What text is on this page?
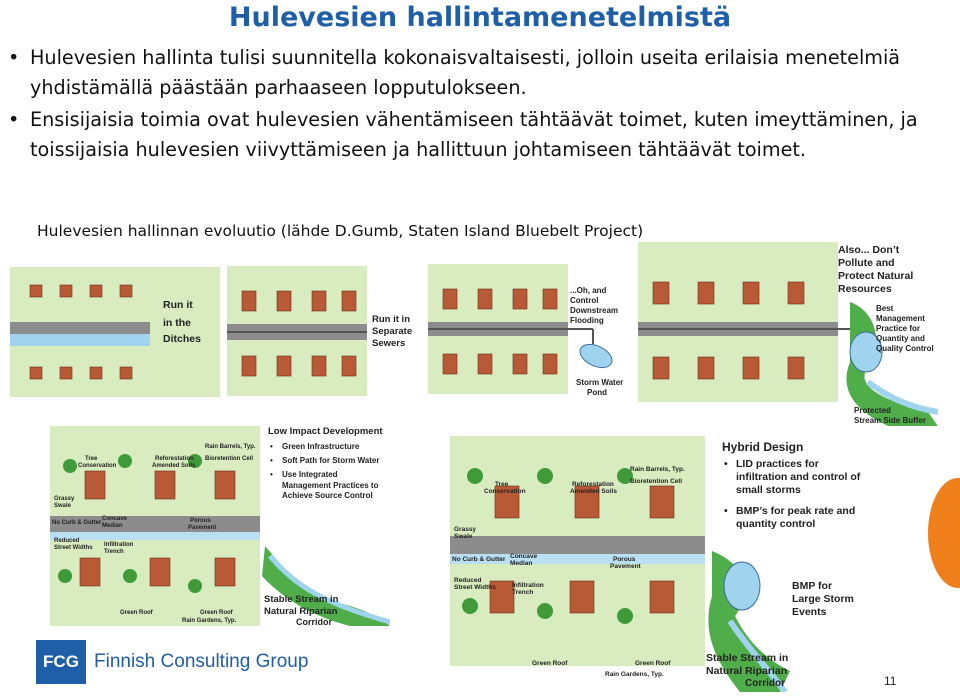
Hulevesien hallintamenetelmistä
• Hulevesien hallinta tulisi suunnitella kokonaisvaltaisesti, jolloin useita erilaisia menetelmiä yhdistämällä päästään parhaaseen lopputulokseen.
• Ensisijaisia toimia ovat hulevesien vähentämiseen tähtäävät toimet, kuten imeyttäminen, ja toissijaisia hulevesien viivyttämiseen ja hallittuun johtamiseen tähtäävät toimet.
Hulevesien hallinnan evoluutio (lähde D.Gumb, Staten Island Bluebelt Project)
Run it
in the
Ditches
Run it in
Separate
Sewers
...Oh, and
Control
Downstream
Flooding
Storm Water
Pond
Also... Don’t
Pollute and
Protect Natural
Resources
Best
Management
Practice for
Quantity and
Quality Control
Protected
Stream Side Buffer
Low Impact Development
• Green Infrastructure
• Soft Path for Storm Water
• Use Integrated
Management Practices to
Achieve Source Control
Tree
Conservation
Reforestation
Amended Soils
Rain Barrels, Typ.
Bioretention Cell
Grassy
Swale
No Curb & Gutter
Concave
Median
Porous
Pavement
Reduced
Street Widths Infiltration
Trench
Green Roof	Green Roof
Rain Gardens, Typ.
Stable Stream in
Natural Riparian
Corridor
Hybrid Design
• LID practices for infiltration and control of small storms
• BMP’s for peak rate and quantity control
BMP for
Large Storm
Events
Tree
Conservation
Reforestation
Amended Soils
Rain Barrels, Typ.
Bioretention Cell
Grassy
Swale
No Curb & Gutter Concave
Median
Porous
Pavement
Reduced
Street Widths Infiltration
Trench
Green Roof	Green Roof
Rain Gardens, Typ.
Stable Stream in
Natural Riparian
Corridor
FCG Finnish Consulting Group
11
